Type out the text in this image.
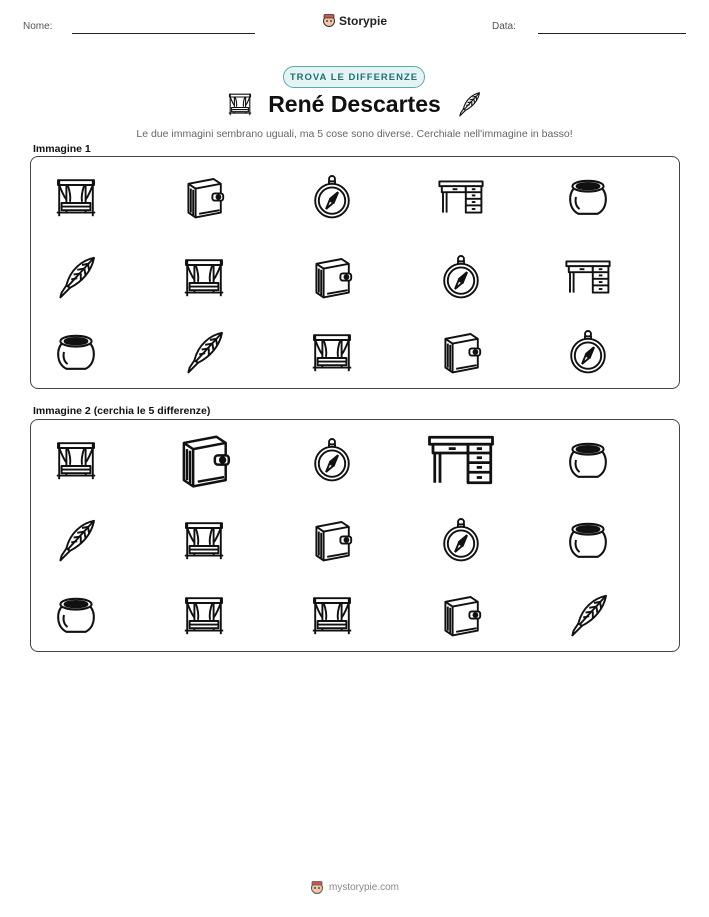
Nome:	Storypie	Data:
TROVA LE DIFFERENZE
René Descartes
Le due immagini sembrano uguali, ma 5 cose sono diverse. Cerchiale nell'immagine in basso!
Immagine 1
Immagine 2 (cerchia le 5 differenze)
mystorypie.com
